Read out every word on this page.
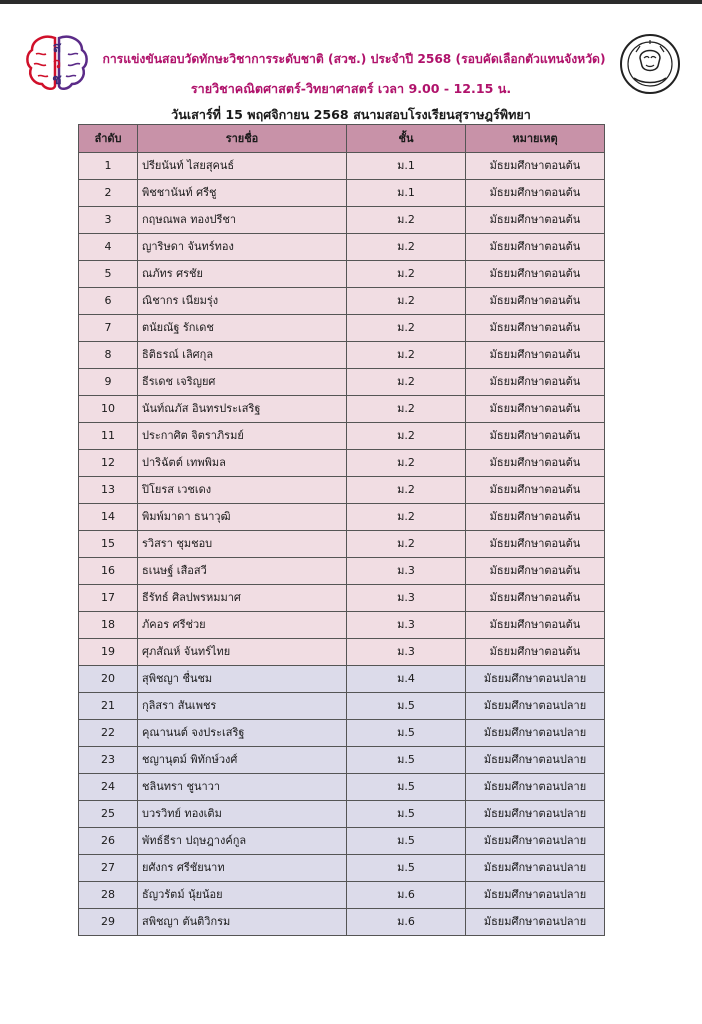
ส
ว
ช
การแข่งขันสอบวัดทักษะวิชาการระดับชาติ (สวช.) ประจำปี 2568 (รอบคัดเลือกตัวแทนจังหวัด)
รายวิชาคณิตศาสตร์-วิทยาศาสตร์ เวลา 9.00 - 12.15 น.
วันเสาร์ที่ 15 พฤศจิกายน 2568 สนามสอบโรงเรียนสุราษฎร์พิทยา
ลำดับ	รายชื่อ	ชั้น	หมายเหตุ
1	ปรียนันท์ ไสยสุคนธ์	ม.1	มัธยมศึกษาตอนต้น
2	พิชชานันท์ ศรีชู	ม.1	มัธยมศึกษาตอนต้น
3	กฤษณพล ทองปรีชา	ม.2	มัธยมศึกษาตอนต้น
4	ญาริษดา จันทร์ทอง	ม.2	มัธยมศึกษาตอนต้น
5	ณภัทร ศรชัย	ม.2	มัธยมศึกษาตอนต้น
6	ณิชากร เนียมรุ่ง	ม.2	มัธยมศึกษาตอนต้น
7	ตนัยณัฐ รักเดช	ม.2	มัธยมศึกษาตอนต้น
8	ธิติธรณ์ เลิศกุล	ม.2	มัธยมศึกษาตอนต้น
9	ธีรเดช เจริญยศ	ม.2	มัธยมศึกษาตอนต้น
10	นันท์ณภัส อินทรประเสริฐ	ม.2	มัธยมศึกษาตอนต้น
11	ประกาศิต จิตราภิรมย์	ม.2	มัธยมศึกษาตอนต้น
12	ปาริฉัตต์ เทพพิมล	ม.2	มัธยมศึกษาตอนต้น
13	ปิโยรส เวชเดง	ม.2	มัธยมศึกษาตอนต้น
14	พิมพ์มาดา ธนาวุฒิ	ม.2	มัธยมศึกษาตอนต้น
15	รวิสรา ชุมชอบ	ม.2	มัธยมศึกษาตอนต้น
16	ธเนษฐ์ เสือสวี	ม.3	มัธยมศึกษาตอนต้น
17	ธีรัทธ์ ศิลปพรหมมาศ	ม.3	มัธยมศึกษาตอนต้น
18	ภัคอร ศรีช่วย	ม.3	มัธยมศึกษาตอนต้น
19	ศุภสัณห์ จันทร์ไทย	ม.3	มัธยมศึกษาตอนต้น
20	สุพิชญา ชื่นชม	ม.4	มัธยมศึกษาตอนปลาย
21	กุลิสรา สันเพชร	ม.5	มัธยมศึกษาตอนปลาย
22	คุณานนต์ จงประเสริฐ	ม.5	มัธยมศึกษาตอนปลาย
23	ชญานุตม์ พิทักษ์วงศ์	ม.5	มัธยมศึกษาตอนปลาย
24	ชลินทรา ชูนาวา	ม.5	มัธยมศึกษาตอนปลาย
25	บวรวิทย์ ทองเติม	ม.5	มัธยมศึกษาตอนปลาย
26	พัทธ์ธีรา ปฤษฎางค์กูล	ม.5	มัธยมศึกษาตอนปลาย
27	ยศังกร ศรีชัยนาท	ม.5	มัธยมศึกษาตอนปลาย
28	ธัญวรัตม์ นุ้ยน้อย	ม.6	มัธยมศึกษาตอนปลาย
29	สพิชญา ตันติวิกรม	ม.6	มัธยมศึกษาตอนปลาย
